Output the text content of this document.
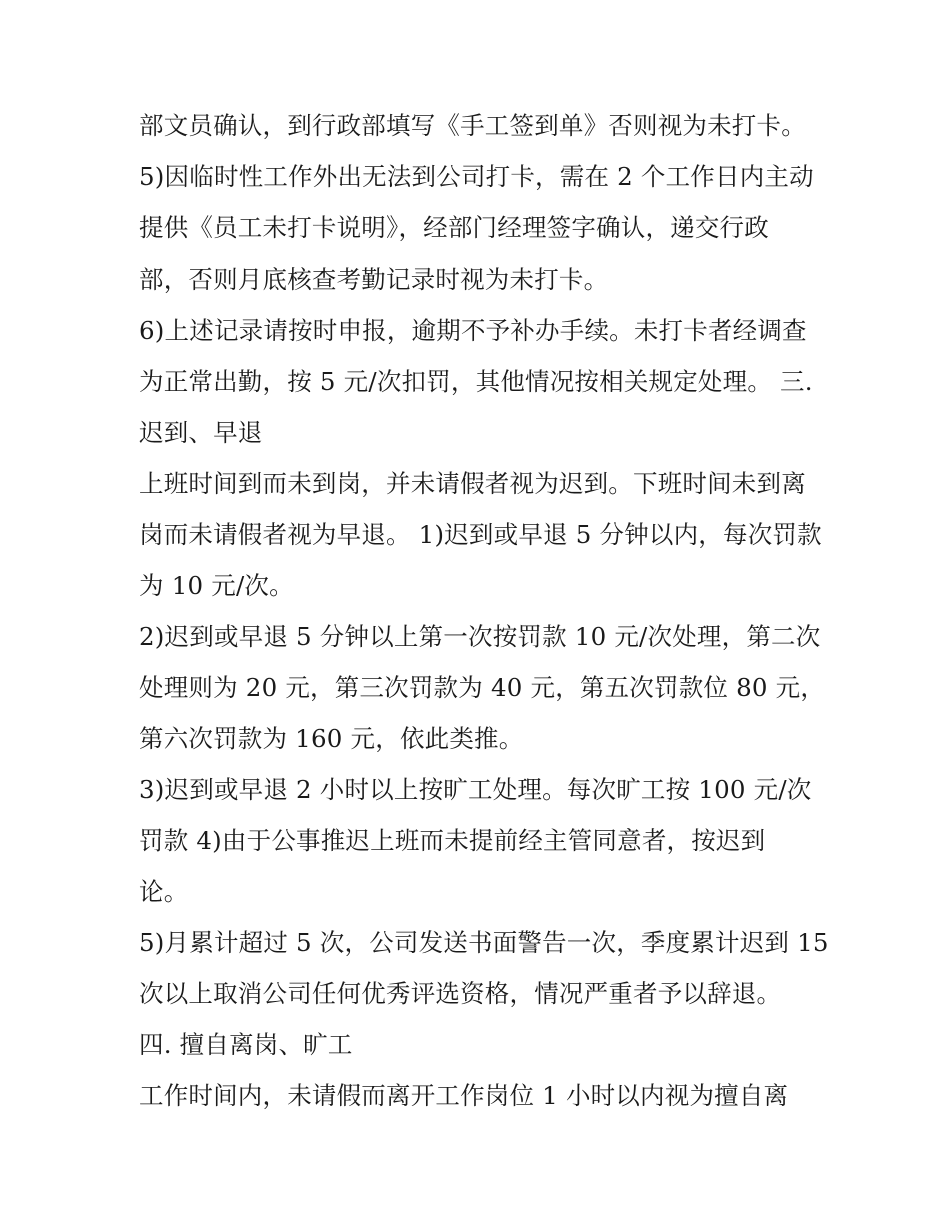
部文员确认，到行政部填写《手工签到单》否则视为未打卡。
5)因临时性工作外出无法到公司打卡，需在 2 个工作日内主动
提供《员工未打卡说明》，经部门经理签字确认，递交行政
部，否则月底核查考勤记录时视为未打卡。
6)上述记录请按时申报，逾期不予补办手续。未打卡者经调查
为正常出勤，按 5 元/次扣罚，其他情况按相关规定处理。 三.
迟到、早退
上班时间到而未到岗，并未请假者视为迟到。下班时间未到离
岗而未请假者视为早退。 1)迟到或早退 5 分钟以内，每次罚款
为 10 元/次。
2)迟到或早退 5 分钟以上第一次按罚款 10 元/次处理，第二次
处理则为 20 元，第三次罚款为 40 元，第五次罚款位 80 元，
第六次罚款为 160 元，依此类推。
3)迟到或早退 2 小时以上按旷工处理。每次旷工按 100 元/次
罚款 4)由于公事推迟上班而未提前经主管同意者，按迟到
论。
5)月累计超过 5 次，公司发送书面警告一次，季度累计迟到 15
次以上取消公司任何优秀评选资格，情况严重者予以辞退。
四. 擅自离岗、旷工
工作时间内，未请假而离开工作岗位 1 小时以内视为擅自离
